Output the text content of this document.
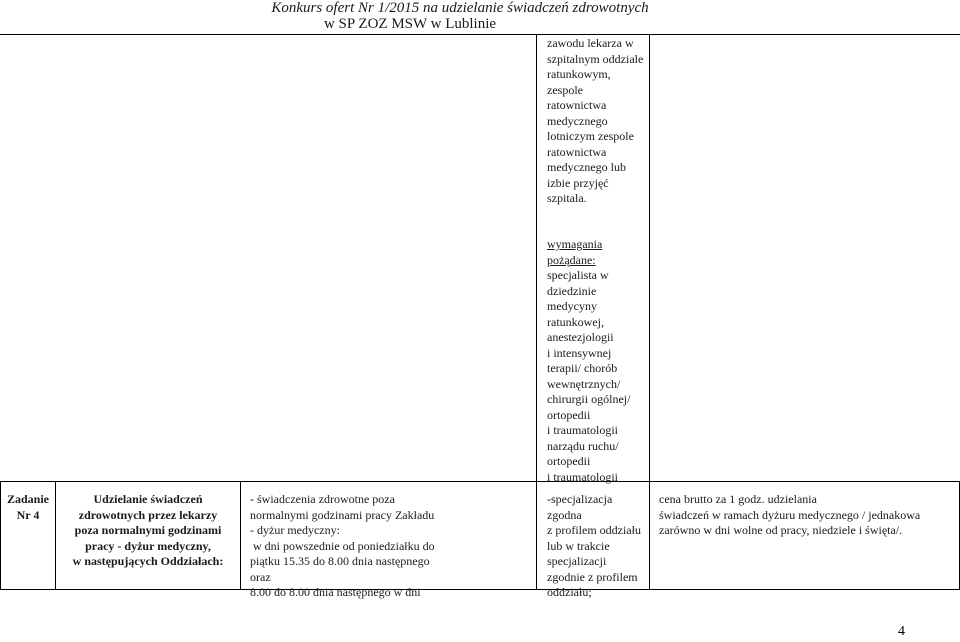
Konkurs ofert Nr 1/2015 na udzielanie świadczeń zdrowotnych
w SP ZOZ MSW w Lublinie
zawodu lekarza w
szpitalnym oddziale
ratunkowym,
zespole
ratownictwa
medycznego
lotniczym zespole
ratownictwa
medycznego lub
izbie przyjęć
szpitala.
wymagania
pożądane:
specjalista w
dziedzinie
medycyny
ratunkowej,
anestezjologii
i intensywnej
terapii/ chorób
wewnętrznych/
chirurgii ogólnej/
ortopedii
i traumatologii
narządu ruchu/
ortopedii
i traumatologii
Zadanie
Nr 4
Udzielanie świadczeń
zdrowotnych przez lekarzy
poza normalnymi godzinami
pracy - dyżur medyczny,
w następujących Oddziałach:
- świadczenia zdrowotne poza
normalnymi godzinami pracy Zakładu
- dyżur medyczny:
w dni powszednie od poniedziałku do
piątku 15.35 do 8.00 dnia następnego
oraz
8.00 do 8.00 dnia następnego w dni
-specjalizacja
zgodna
z profilem oddziału
lub w trakcie
specjalizacji
zgodnie z profilem
oddziału;
cena brutto za 1 godz. udzielania
świadczeń w ramach dyżuru medycznego / jednakowa
zarówno w dni wolne od pracy, niedziele i święta/.
4
